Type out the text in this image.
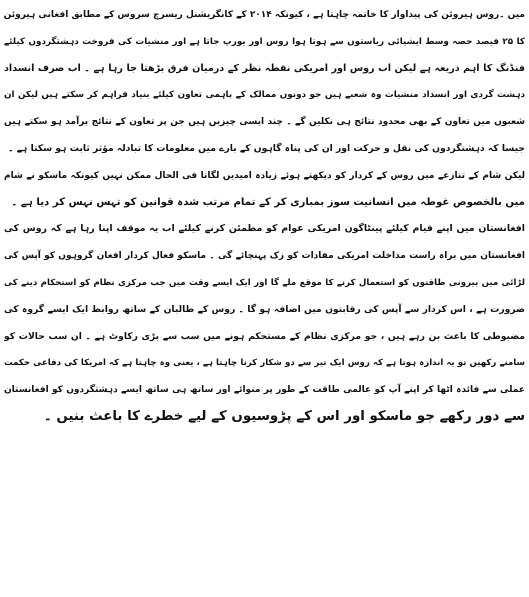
میں ۔روس ہیروئن کی پیداوار کا خاتمہ چاہتا ہے ، کیونکہ ۲۰۱۴ کے کانگریشنل ریسرچ سروس کے مطابق افغانی ہیروئن
کا ۲۵ فیصد حصہ وسط ایشیائی ریاستوں سے ہوتا ہوا روس اور یورپ جاتا ہے اور منشیات کی فروخت دہشتگردوں کیلئے
فنڈنگ کا اہم ذریعہ ہے لیکن اب روس اور امریکی نقطہ نظر کے درمیان فرق بڑھتا جا رہا ہے ۔ اب صرف انسداد
دہشت گردی اور انسداد منشیات وہ شعبے ہیں جو دونوں ممالک کے باہمی تعاون کیلئے بنیاد فراہم کر سکتے ہیں لیکن ان
شعبوں میں تعاون کے بھی محدود نتائج ہی نکلیں گے ۔ چند ایسی چیزیں ہیں جن پر تعاون کے نتائج برآمد ہو سکتے ہیں
جیسا کہ دہشتگردوں کی نقل و حرکت اور ان کی پناہ گاہوں کے بارے میں معلومات کا تبادلہ مؤثر ثابت ہو سکتا ہے ۔
لیکن شام کے تنازعے میں روس کے کردار کو دیکھتے ہوئے زیادہ امیدیں لگانا فی الحال ممکن نہیں کیونکہ ماسکو نے شام
میں بالخصوص غوطہ میں انسانیت سوز بمباری کر کے تمام مرتب شدہ قوانین کو تہس نہس کر دیا ہے ۔
افغانستان میں اپنے قیام کیلئے پینٹاگون امریکی عوام کو مطمئن کرنے کیلئے اب یہ موقف اپنا رہا ہے کہ روس کی
افغانستان میں براہ راست مداخلت امریکی مفادات کو زک پہنچائے گی ۔ ماسکو فعال کردار افغان گروہوں کو آپس کی
لڑائی میں بیرونی طاقتوں کو استعمال کرنے کا موقع ملے گا اور ایک ایسے وقت میں جب مرکزی نظام کو استحکام دینے کی
ضرورت ہے ، اس کردار سے آپس کی رقابتوں میں اضافہ ہو گا ۔ روس کے طالبان کے ساتھ روابط ایک ایسے گروہ کی
مضبوطی کا باعث بن رہے ہیں ، جو مرکزی نظام کے مستحکم ہونے میں سب سے بڑی رکاوٹ ہے ۔ ان سب حالات کو
سامنے رکھیں تو یہ اندازہ ہوتا ہے کہ روس ایک تیر سے دو شکار کرنا چاہتا ہے ، یعنی وہ چاہتا ہے کہ امریکا کی دفاعی حکمت
عملی سے فائدہ اٹھا کر اپنے آپ کو عالمی طاقت کے طور پر منوائے اور ساتھ ہی ساتھ ایسے دہشتگردوں کو افغانستان
سے دور رکھے جو ماسکو اور اس کے پڑوسیوں کے لیے خطرے کا باعث بنیں ۔
